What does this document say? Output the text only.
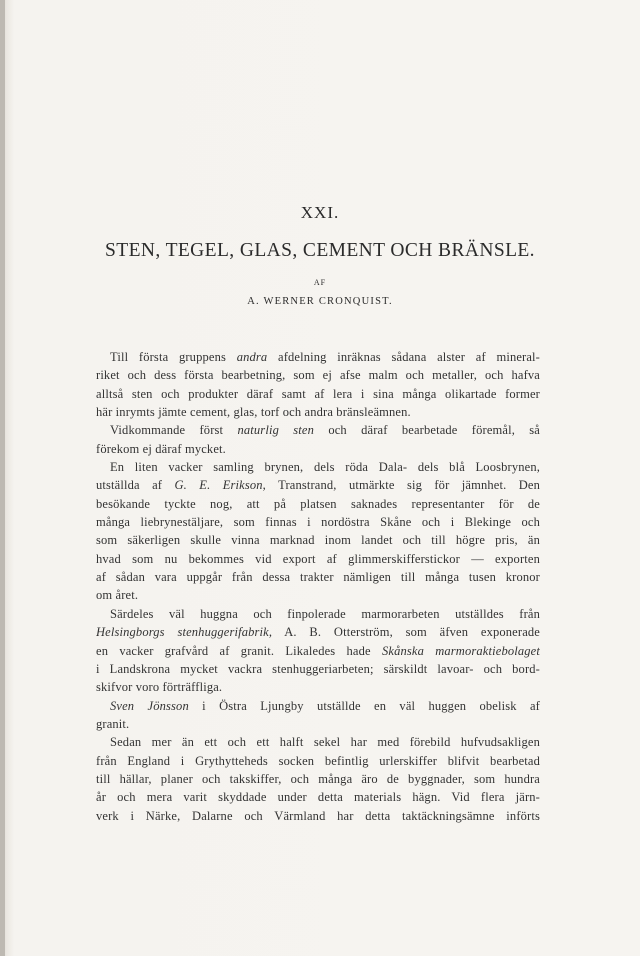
XXI.
STEN, TEGEL, GLAS, CEMENT OCH BRÄNSLE.
AF
A. WERNER CRONQUIST.
Till första gruppens andra afdelning inräknas sådana alster af mineral-
riket och dess första bearbetning, som ej afse malm och metaller, och hafva
alltså sten och produkter däraf samt af lera i sina många olikartade former
här inrymts jämte cement, glas, torf och andra bränsleämnen.
Vidkommande först naturlig sten och däraf bearbetade föremål, så
förekom ej däraf mycket.
En liten vacker samling brynen, dels röda Dala- dels blå Loosbrynen,
utställda af G. E. Erikson, Transtrand, utmärkte sig för jämnhet. Den
besökande tyckte nog, att på platsen saknades representanter för de
många liebrynestäljare, som finnas i nordöstra Skåne och i Blekinge och
som säkerligen skulle vinna marknad inom landet och till högre pris, än
hvad som nu bekommes vid export af glimmerskifferstickor — exporten
af sådan vara uppgår från dessa trakter nämligen till många tusen kronor
om året.
Särdeles väl huggna och finpolerade marmorarbeten utställdes från
Helsingborgs stenhuggerifabrik, A. B. Otterström, som äfven exponerade
en vacker grafvård af granit. Likaledes hade Skånska marmoraktiebolaget
i Landskrona mycket vackra stenhuggeriarbeten; särskildt lavoar- och bord-
skifvor voro förträffliga.
Sven Jönsson i Östra Ljungby utställde en väl huggen obelisk af
granit.
Sedan mer än ett och ett halft sekel har med förebild hufvudsakligen
från England i Grythytteheds socken befintlig urlerskiffer blifvit bearbetad
till hällar, planer och takskiffer, och många äro de byggnader, som hundra
år och mera varit skyddade under detta materials hägn. Vid flera järn-
verk i Närke, Dalarne och Värmland har detta taktäckningsämne införts
